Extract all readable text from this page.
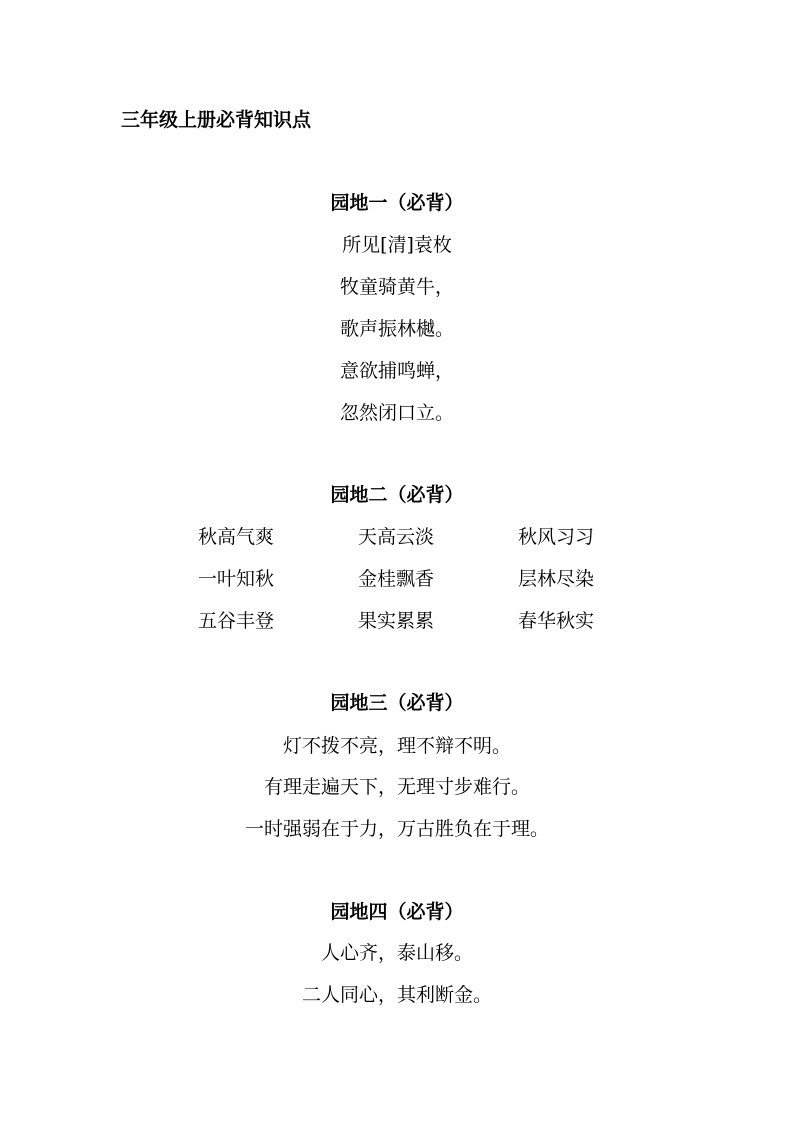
三年级上册必背知识点
园地一（必背）
所见[清]袁枚
牧童骑黄牛，
歌声振林樾。
意欲捕鸣蝉，
忽然闭口立。
园地二（必背）
秋高气爽	天高云淡	秋风习习
一叶知秋	金桂飘香	层林尽染
五谷丰登	果实累累	春华秋实
园地三（必背）
灯不拨不亮，理不辩不明。
有理走遍天下，无理寸步难行。
一时强弱在于力，万古胜负在于理。
园地四（必背）
人心齐，泰山移。
二人同心，其利断金。
